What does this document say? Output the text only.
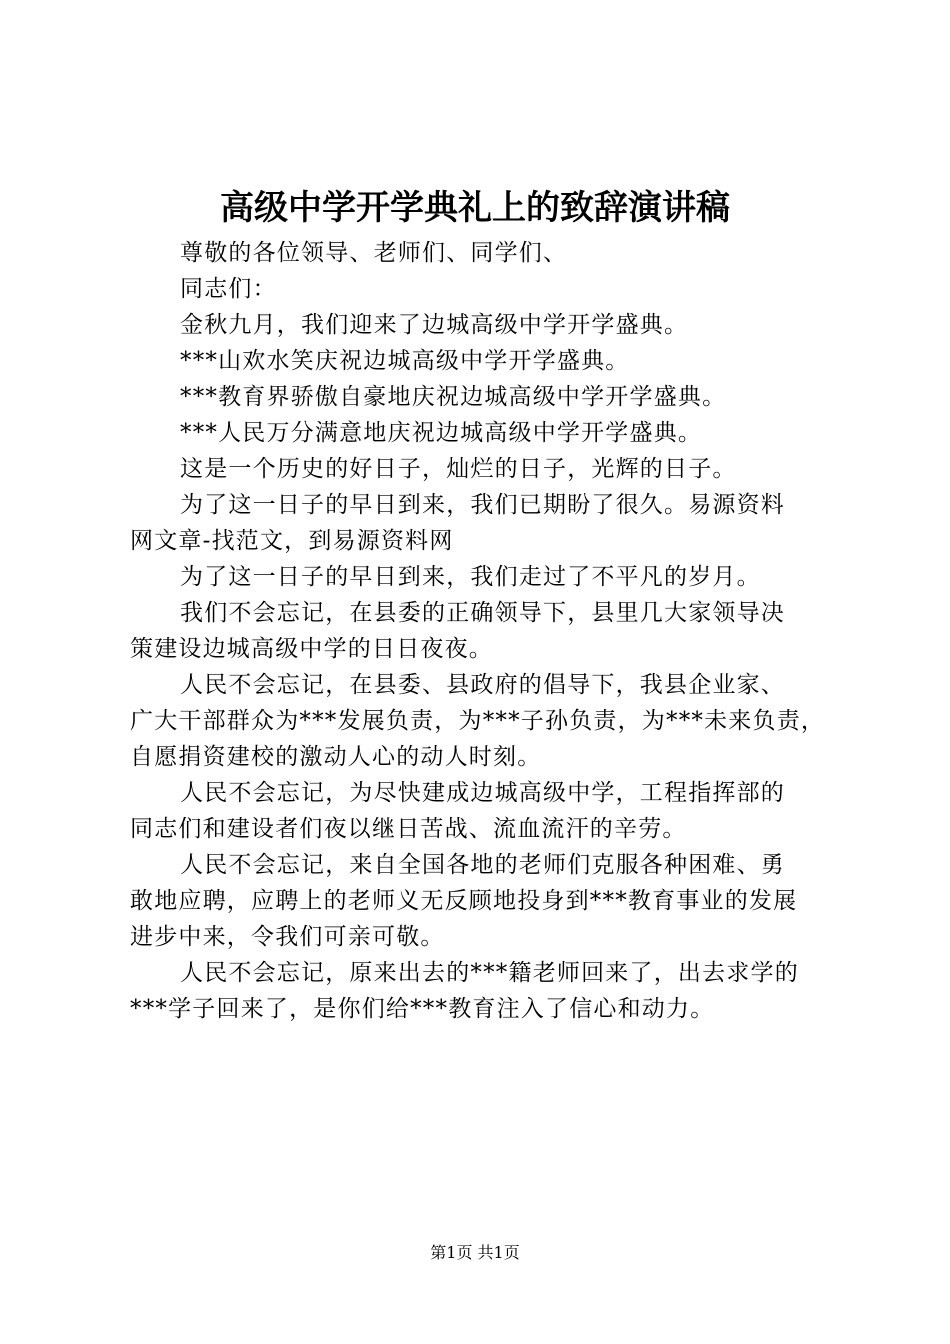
高级中学开学典礼上的致辞演讲稿
尊敬的各位领导、老师们、同学们、
同志们：
金秋九月，我们迎来了边城高级中学开学盛典。
***山欢水笑庆祝边城高级中学开学盛典。
***教育界骄傲自豪地庆祝边城高级中学开学盛典。
***人民万分满意地庆祝边城高级中学开学盛典。
这是一个历史的好日子，灿烂的日子，光辉的日子。
为了这一日子的早日到来，我们已期盼了很久。易源资料
网文章-找范文，到易源资料网
为了这一日子的早日到来，我们走过了不平凡的岁月。
我们不会忘记，在县委的正确领导下，县里几大家领导决
策建设边城高级中学的日日夜夜。
人民不会忘记，在县委、县政府的倡导下，我县企业家、
广大干部群众为***发展负责，为***子孙负责，为***未来负责，
自愿捐资建校的激动人心的动人时刻。
人民不会忘记，为尽快建成边城高级中学，工程指挥部的
同志们和建设者们夜以继日苦战、流血流汗的辛劳。
人民不会忘记，来自全国各地的老师们克服各种困难、勇
敢地应聘，应聘上的老师义无反顾地投身到***教育事业的发展
进步中来，令我们可亲可敬。
人民不会忘记，原来出去的***籍老师回来了，出去求学的
***学子回来了，是你们给***教育注入了信心和动力。
第1页 共1页
